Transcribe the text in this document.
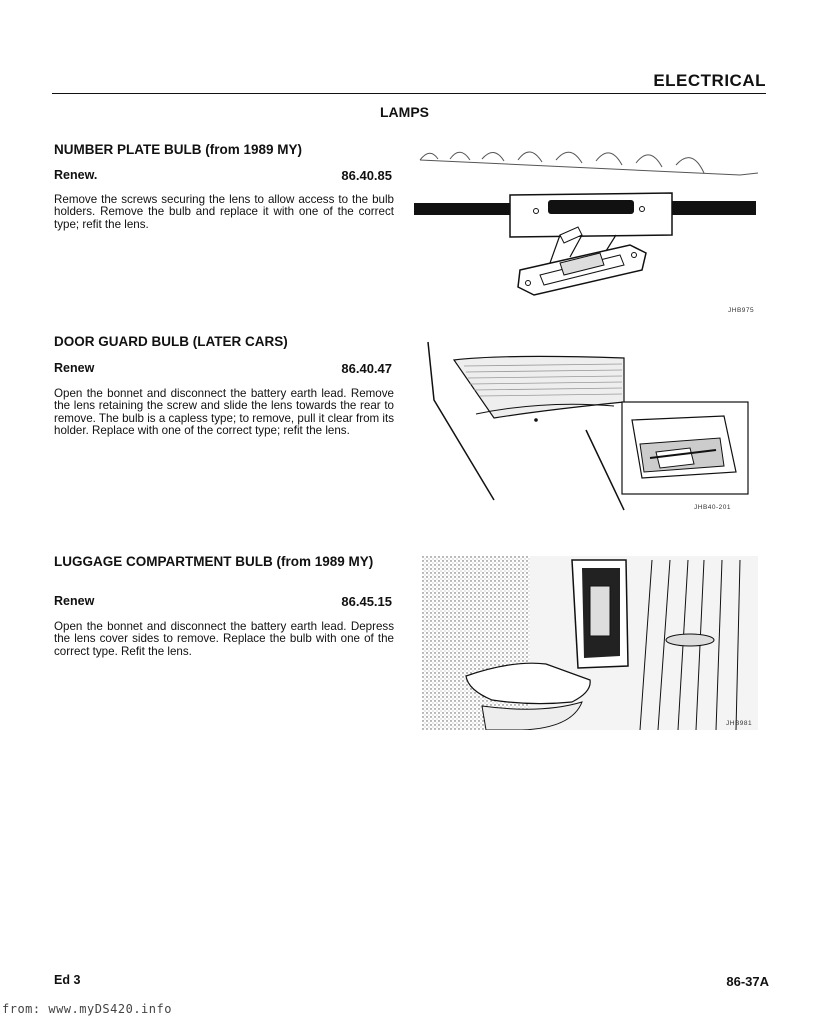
ELECTRICAL
LAMPS
NUMBER PLATE BULB (from 1989 MY)
Renew.	86.40.85
Remove the screws securing the lens to allow access to the bulb holders. Remove the bulb and replace it with one of the correct type; refit the lens.
JHB975
DOOR GUARD BULB (LATER CARS)
Renew	86.40.47
Open the bonnet and disconnect the battery earth lead. Remove the lens retaining the screw and slide the lens towards the rear to remove. The bulb is a capless type; to remove, pull it clear from its holder. Replace with one of the correct type; refit the lens.
JHB40-201
LUGGAGE COMPARTMENT BULB (from 1989 MY)
Renew	86.45.15
Open the bonnet and disconnect the battery earth lead. Depress the lens cover sides to remove. Replace the bulb with one of the correct type. Refit the lens.
JHB981
Ed 3	86-37A
from: www.myDS420.info
